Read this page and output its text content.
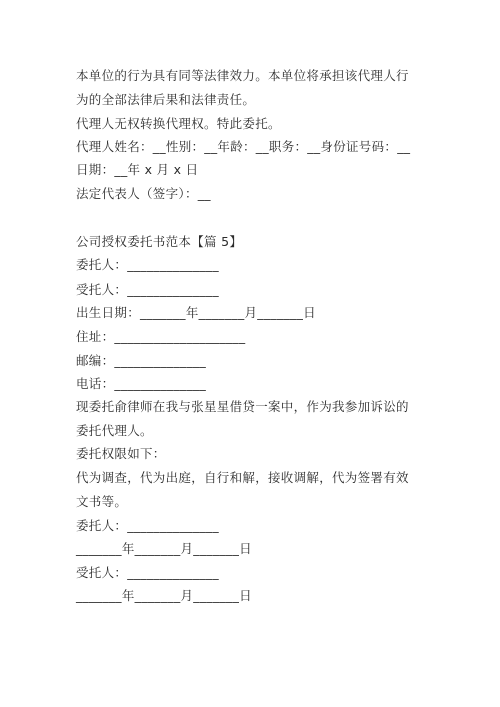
本单位的行为具有同等法律效力。本单位将承担该代理人行
为的全部法律后果和法律责任。
代理人无权转换代理权。特此委托。
代理人姓名：__性别：__年龄：__职务：__身份证号码：__
日期：__年 x 月 x 日
法定代表人（签字）：__
公司授权委托书范本【篇 5】
委托人：______________
受托人：______________
出生日期：_______年_______月_______日
住址：____________________
邮编：______________
电话：______________
现委托俞律师在我与张星星借贷一案中，作为我参加诉讼的
委托代理人。
委托权限如下：
代为调查，代为出庭，自行和解，接收调解，代为签署有效
文书等。
委托人：______________
_______年_______月_______日
受托人：______________
_______年_______月_______日
